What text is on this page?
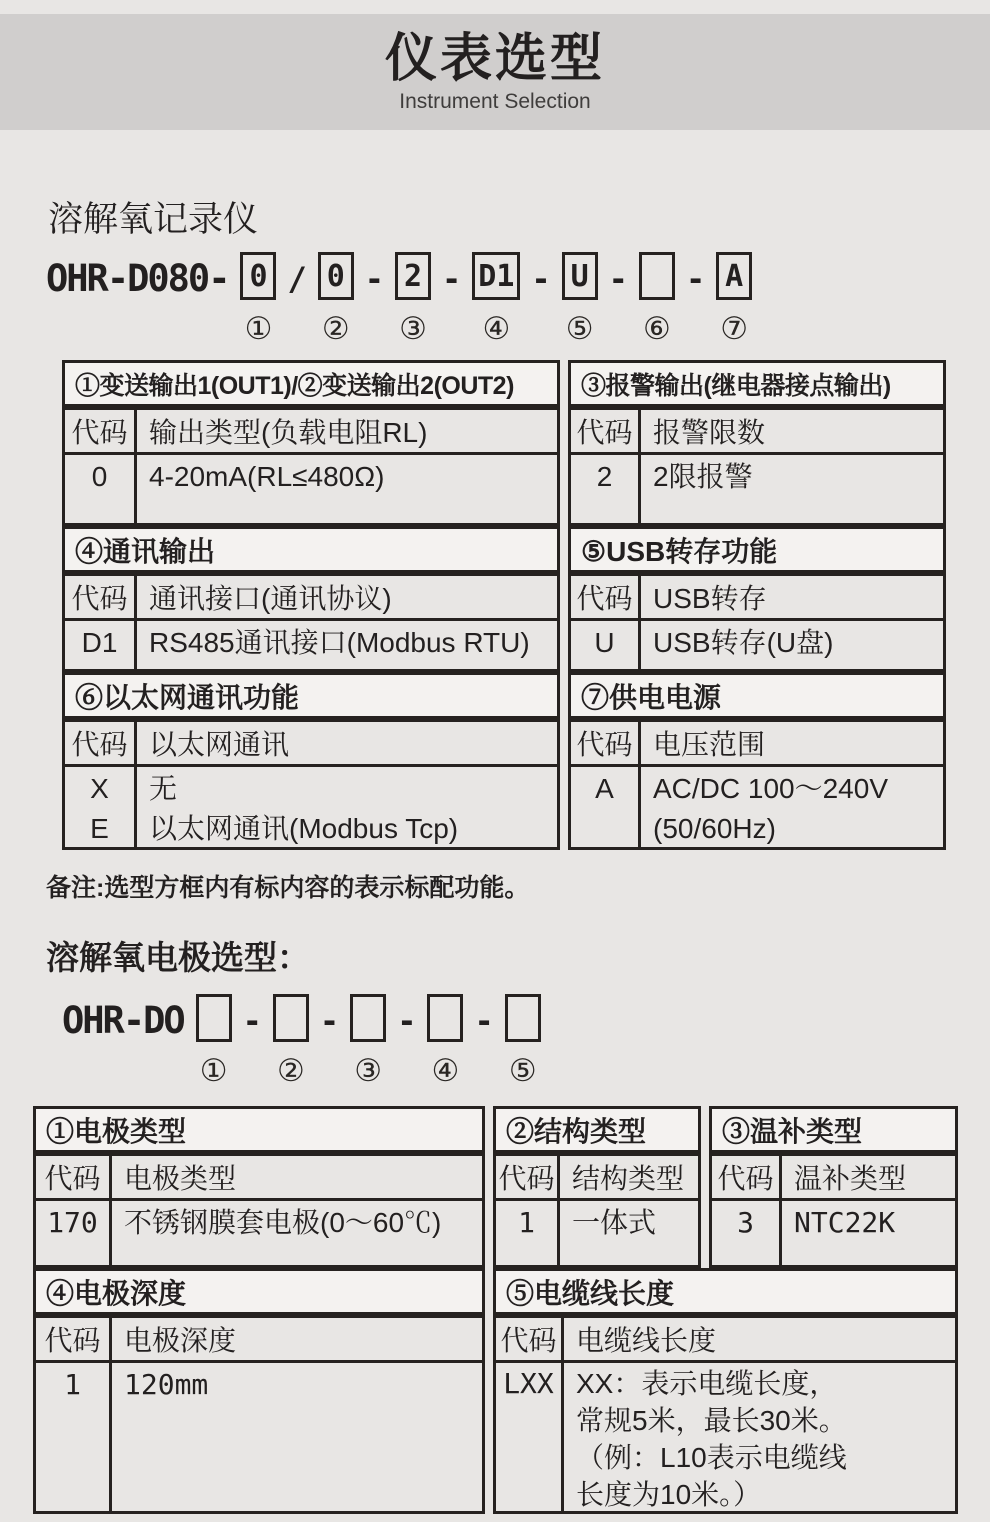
仪表选型
Instrument Selection
溶解氧记录仪
OHR-D080- 0
①
/ 0
②
- 2
③
- D1
④
- U
⑤
-
⑥
- A
⑦
①变送输出1(OUT1)/②变送输出2(OUT2)
代码 输出类型(负载电阻RL)
0 4-20mA(RL≤480Ω)
④通讯输出
代码 通讯接口(通讯协议)
D1 RS485通讯接口(Modbus RTU)
⑥以太网通讯功能
代码 以太网通讯
X
E
无
以太网通讯(Modbus Tcp)
③报警输出(继电器接点输出)
代码 报警限数
2 2限报警
⑤USB转存功能
代码 USB转存
U USB转存(U盘)
⑦供电电源
代码 电压范围
A AC/DC 100～240V
(50/60Hz)
备注:选型方框内有标内容的表示标配功能。
溶解氧电极选型：
OHR-DO
①
-
②
-
③
-
④
-
⑤
①电极类型
代码 电极类型
170 不锈钢膜套电极(0～60℃)
②结构类型
代码 结构类型
1 一体式
③温补类型
代码 温补类型
3 NTC22K
④电极深度
代码 电极深度
1 120mm
⑤电缆线长度
代码 电缆线长度
LXX XX：表示电缆长度，
常规5米，最长30米。
（例：L10表示电缆线
长度为10米。）
